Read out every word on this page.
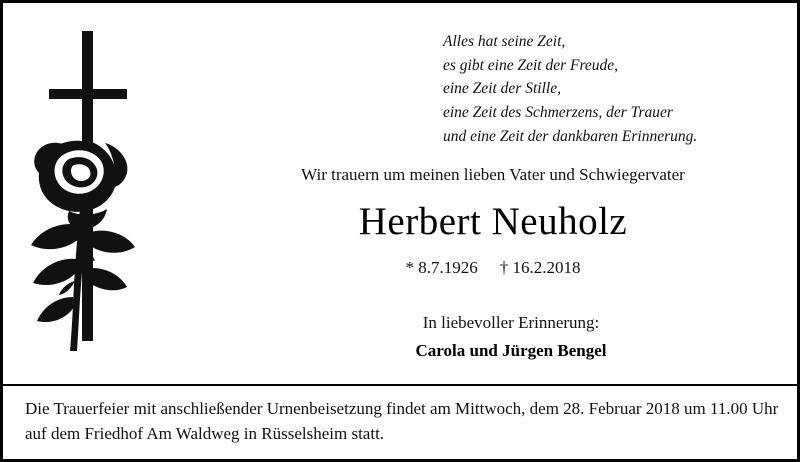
Alles hat seine Zeit,
es gibt eine Zeit der Freude,
eine Zeit der Stille,
eine Zeit des Schmerzens, der Trauer
und eine Zeit der dankbaren Erinnerung.
Wir trauern um meinen lieben Vater und Schwiegervater
Herbert Neuholz
* 8.7.1926 † 16.2.2018
In liebevoller Erinnerung:
Carola und Jürgen Bengel
Die Trauerfeier mit anschließender Urnenbeisetzung findet am Mittwoch, dem 28. Februar 2018 um 11.00 Uhr auf dem Friedhof Am Waldweg in Rüsselsheim statt.
